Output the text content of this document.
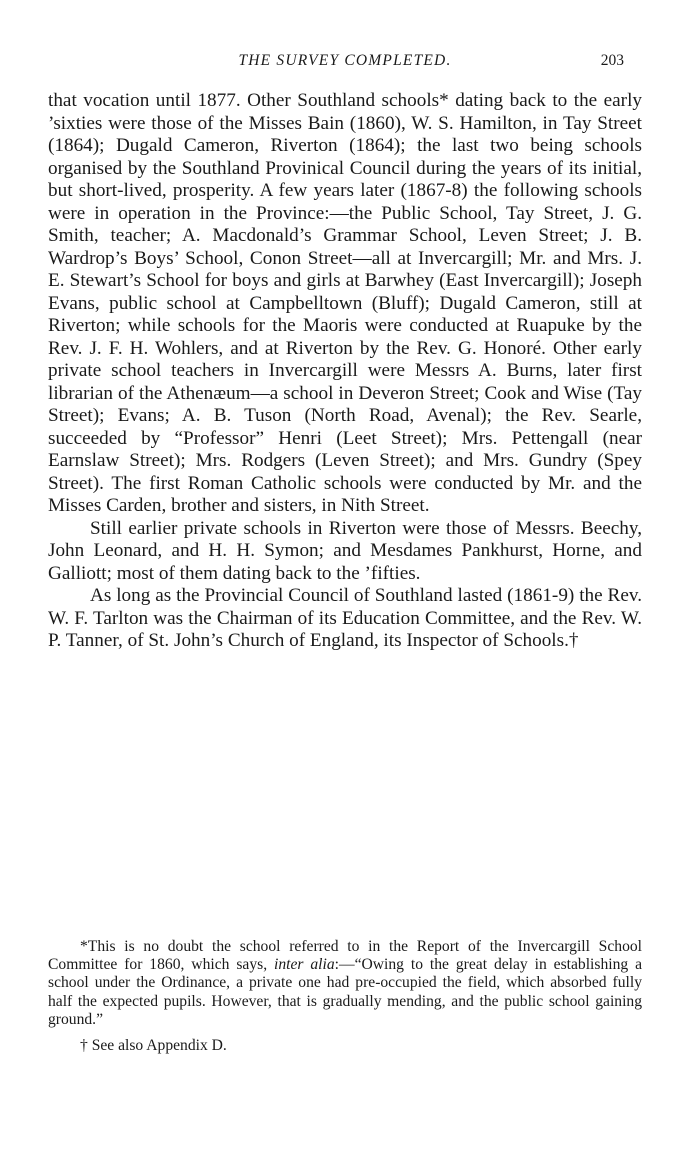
THE SURVEY COMPLETED.	203

that vocation until 1877. Other Southland schools* dating back to the early ’sixties were those of the Misses Bain (1860), W. S. Hamilton, in Tay Street (1864); Dugald Cameron, Riverton (1864); the last two being schools organised by the Southland Provinical Council during the years of its initial, but short-lived, prosperity. A few years later (1867-8) the following schools were in operation in the Province:—the Public School, Tay Street, J. G. Smith, teacher; A. Macdonald’s Grammar School, Leven Street; J. B. Wardrop’s Boys’ School, Conon Street—all at Invercargill; Mr. and Mrs. J. E. Stewart’s School for boys and girls at Barwhey (East Invercargill); Joseph Evans, public school at Campbelltown (Bluff); Dugald Cameron, still at Riverton; while schools for the Maoris were conducted at Ruapuke by the Rev. J. F. H. Wohlers, and at Riverton by the Rev. G. Honoré. Other early private school teachers in Invercargill were Messrs A. Burns, later first librarian of the Athenæum—a school in Deveron Street; Cook and Wise (Tay Street); Evans; A. B. Tuson (North Road, Avenal); the Rev. Searle, succeeded by “Professor” Henri (Leet Street); Mrs. Pettengall (near Earnslaw Street); Mrs. Rodgers (Leven Street); and Mrs. Gundry (Spey Street). The first Roman Catholic schools were conducted by Mr. and the Misses Carden, brother and sisters, in Nith Street.

Still earlier private schools in Riverton were those of Messrs. Beechy, John Leonard, and H. H. Symon; and Mesdames Pankhurst, Horne, and Galliott; most of them dating back to the ’fifties.

As long as the Provincial Council of Southland lasted (1861-9) the Rev. W. F. Tarlton was the Chairman of its Education Committee, and the Rev. W. P. Tanner, of St. John’s Church of England, its Inspector of Schools.†

*This is no doubt the school referred to in the Report of the Invercargill School Committee for 1860, which says, inter alia:—“Owing to the great delay in establishing a school under the Ordinance, a private one had pre-occupied the field, which absorbed fully half the expected pupils. However, that is gradually mending, and the public school gaining ground.”

† See also Appendix D.
